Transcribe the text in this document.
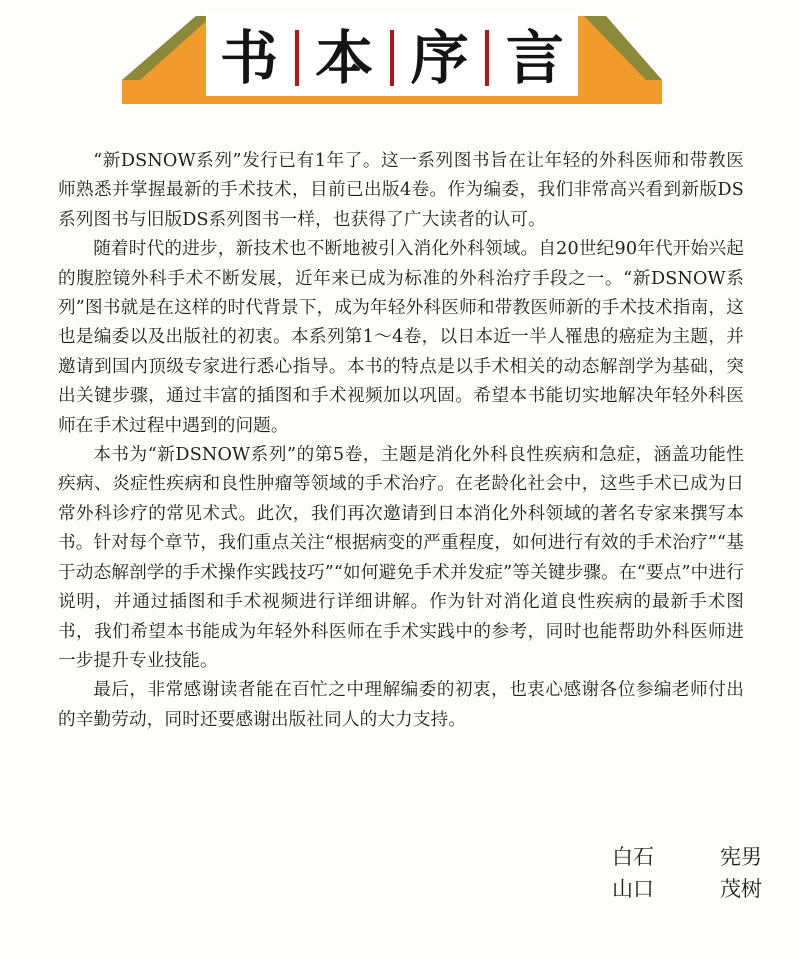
书 本 序 言

“新DSNOW系列”发行已有1年了。这一系列图书旨在让年轻的外科医师和带教医师熟悉并掌握最新的手术技术，目前已出版4卷。作为编委，我们非常高兴看到新版DS系列图书与旧版DS系列图书一样，也获得了广大读者的认可。

随着时代的进步，新技术也不断地被引入消化外科领域。自20世纪90年代开始兴起的腹腔镜外科手术不断发展，近年来已成为标准的外科治疗手段之一。“新DSNOW系列”图书就是在这样的时代背景下，成为年轻外科医师和带教医师新的手术技术指南，这也是编委以及出版社的初衷。本系列第1～4卷，以日本近一半人罹患的癌症为主题，并邀请到国内顶级专家进行悉心指导。本书的特点是以手术相关的动态解剖学为基础，突出关键步骤，通过丰富的插图和手术视频加以巩固。希望本书能切实地解决年轻外科医师在手术过程中遇到的问题。

本书为“新DSNOW系列”的第5卷，主题是消化外科良性疾病和急症，涵盖功能性疾病、炎症性疾病和良性肿瘤等领域的手术治疗。在老龄化社会中，这些手术已成为日常外科诊疗的常见术式。此次，我们再次邀请到日本消化外科领域的著名专家来撰写本书。针对每个章节，我们重点关注“根据病变的严重程度，如何进行有效的手术治疗”“基于动态解剖学的手术操作实践技巧”“如何避免手术并发症”等关键步骤。在“要点”中进行说明，并通过插图和手术视频进行详细讲解。作为针对消化道良性疾病的最新手术图书，我们希望本书能成为年轻外科医师在手术实践中的参考，同时也能帮助外科医师进一步提升专业技能。

最后，非常感谢读者能在百忙之中理解编委的初衷，也衷心感谢各位参编老师付出的辛勤劳动，同时还要感谢出版社同人的大力支持。

白石	宪男
山口	茂树
